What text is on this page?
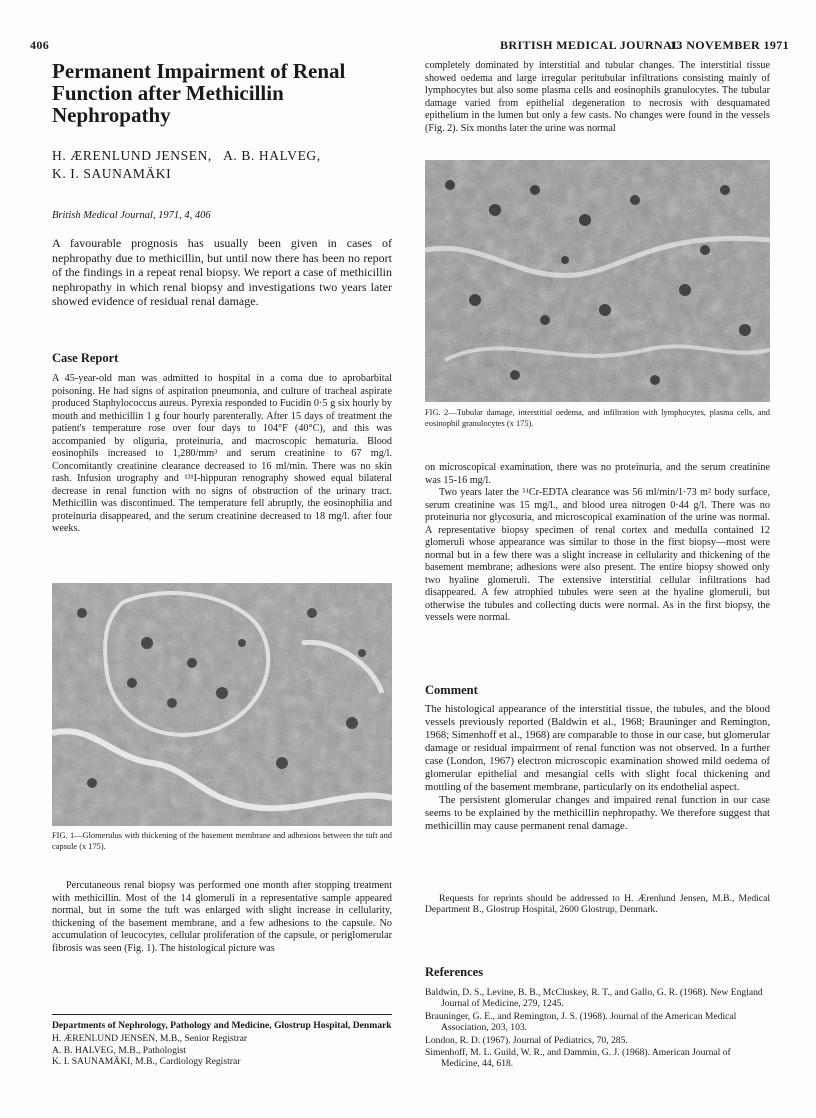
406	BRITISH MEDICAL JOURNAL
13 NOVEMBER 1971
Permanent Impairment of Renal
Function after Methicillin
Nephropathy
H. ÆRENLUND JENSEN,   A. B. HALVEG,
K. I. SAUNAMÄKI
British Medical Journal, 1971, 4, 406
A favourable prognosis has usually been given in cases of nephropathy due to methicillin, but until now there has been no report of the findings in a repeat renal biopsy. We report a case of methicillin nephropathy in which renal biopsy and investigations two years later showed evidence of residual renal damage.
Case Report

A 45-year-old man was admitted to hospital in a coma due to aprobarbital poisoning. He had signs of aspiration pneumonia, and culture of tracheal aspirate produced Staphylococcus aureus. Pyrexia responded to Fucidin 0·5 g six hourly by mouth and methicillin 1 g four hourly parenterally. After 15 days of treatment the patient's temperature rose over four days to 104°F (40°C), and this was accompanied by oliguria, proteinuria, and macroscopic hematuria. Blood eosinophils increased to 1,280/mm³ and serum creatinine to 67 mg/l. Concomitantly creatinine clearance decreased to 16 ml/min. There was no skin rash. Infusion urography and ¹³¹I-hippuran renography showed equal bilateral decrease in renal function with no signs of obstruction of the urinary tract. Methicillin was discontinued. The temperature fell abruptly, the eosinophilia and proteinuria disappeared, and the serum creatinine decreased to 18 mg/l. after four weeks.

FIG. 1—Glomerulus with thickening of the basement membrane and adhesions between the tuft and capsule (x 175).

Percutaneous renal biopsy was performed one month after stopping treatment with methicillin. Most of the 14 glomeruli in a representative sample appeared normal, but in some the tuft was enlarged with slight increase in cellularity, thickening of the basement membrane, and a few adhesions to the capsule. No accumulation of leucocytes, cellular proliferation of the capsule, or periglomerular fibrosis was seen (Fig. 1). The histological picture was

Departments of Nephrology, Pathology and Medicine, Glostrup Hospital, Denmark
H. ÆRENLUND JENSEN, M.B., Senior Registrar
A. B. HALVEG, M.B., Pathologist
K. I. SAUNAMÄKI, M.B., Cardiology Registrar

completely dominated by interstitial and tubular changes. The interstitial tissue showed oedema and large irregular peritubular infiltrations consisting mainly of lymphocytes but also some plasma cells and eosinophils granulocytes. The tubular damage varied from epithelial degeneration to necrosis with desquamated epithelium in the lumen but only a few casts. No changes were found in the vessels (Fig. 2). Six months later the urine was normal

FIG. 2—Tubular damage, interstitial oedema, and infiltration with lymphocytes, plasma cells, and eosinophil granulocytes (x 175).

on microscopical examination, there was no proteinuria, and the serum creatinine was 15-16 mg/l.

Two years later the ⁵¹Cr-EDTA clearance was 56 ml/min/1·73 m² body surface, serum creatinine was 15 mg/l., and blood urea nitrogen 0·44 g/l. There was no proteinuria nor glycosuria, and microscopical examination of the urine was normal. A representative biopsy specimen of renal cortex and medulla contained 12 glomeruli whose appearance was similar to those in the first biopsy—most were normal but in a few there was a slight increase in cellularity and thickening of the basement membrane; adhesions were also present. The entire biopsy showed only two hyaline glomeruli. The extensive interstitial cellular infiltrations had disappeared. A few atrophied tubules were seen at the hyaline glomeruli, but otherwise the tubules and collecting ducts were normal. As in the first biopsy, the vessels were normal.

Comment

The histological appearance of the interstitial tissue, the tubules, and the blood vessels previously reported (Baldwin et al., 1968; Brauninger and Remington, 1968; Simenhoff et al., 1968) are comparable to those in our case, but glomerular damage or residual impairment of renal function was not observed. In a further case (London, 1967) electron microscopic examination showed mild oedema of glomerular epithelial and mesangial cells with slight focal thickening and mottling of the basement membrane, particularly on its endothelial aspect.

The persistent glomerular changes and impaired renal function in our case seems to be explained by the methicillin nephropathy. We therefore suggest that methicillin may cause permanent renal damage.

Requests for reprints should be addressed to H. Ærenlund Jensen, M.B., Medical Department B., Glostrup Hospital, 2600 Glostrup, Denmark.
References
Baldwin, D. S., Levine, B. B., McCluskey, R. T., and Gallo, G. R. (1968). New England Journal of Medicine, 279, 1245.
Brauninger, G. E., and Remington, J. S. (1968). Journal of the American Medical Association, 203, 103.
London, R. D. (1967). Journal of Pediatrics, 70, 285.
Simenhoff, M. L. Guild, W. R., and Dammin, G. J. (1968). American Journal of Medicine, 44, 618.
